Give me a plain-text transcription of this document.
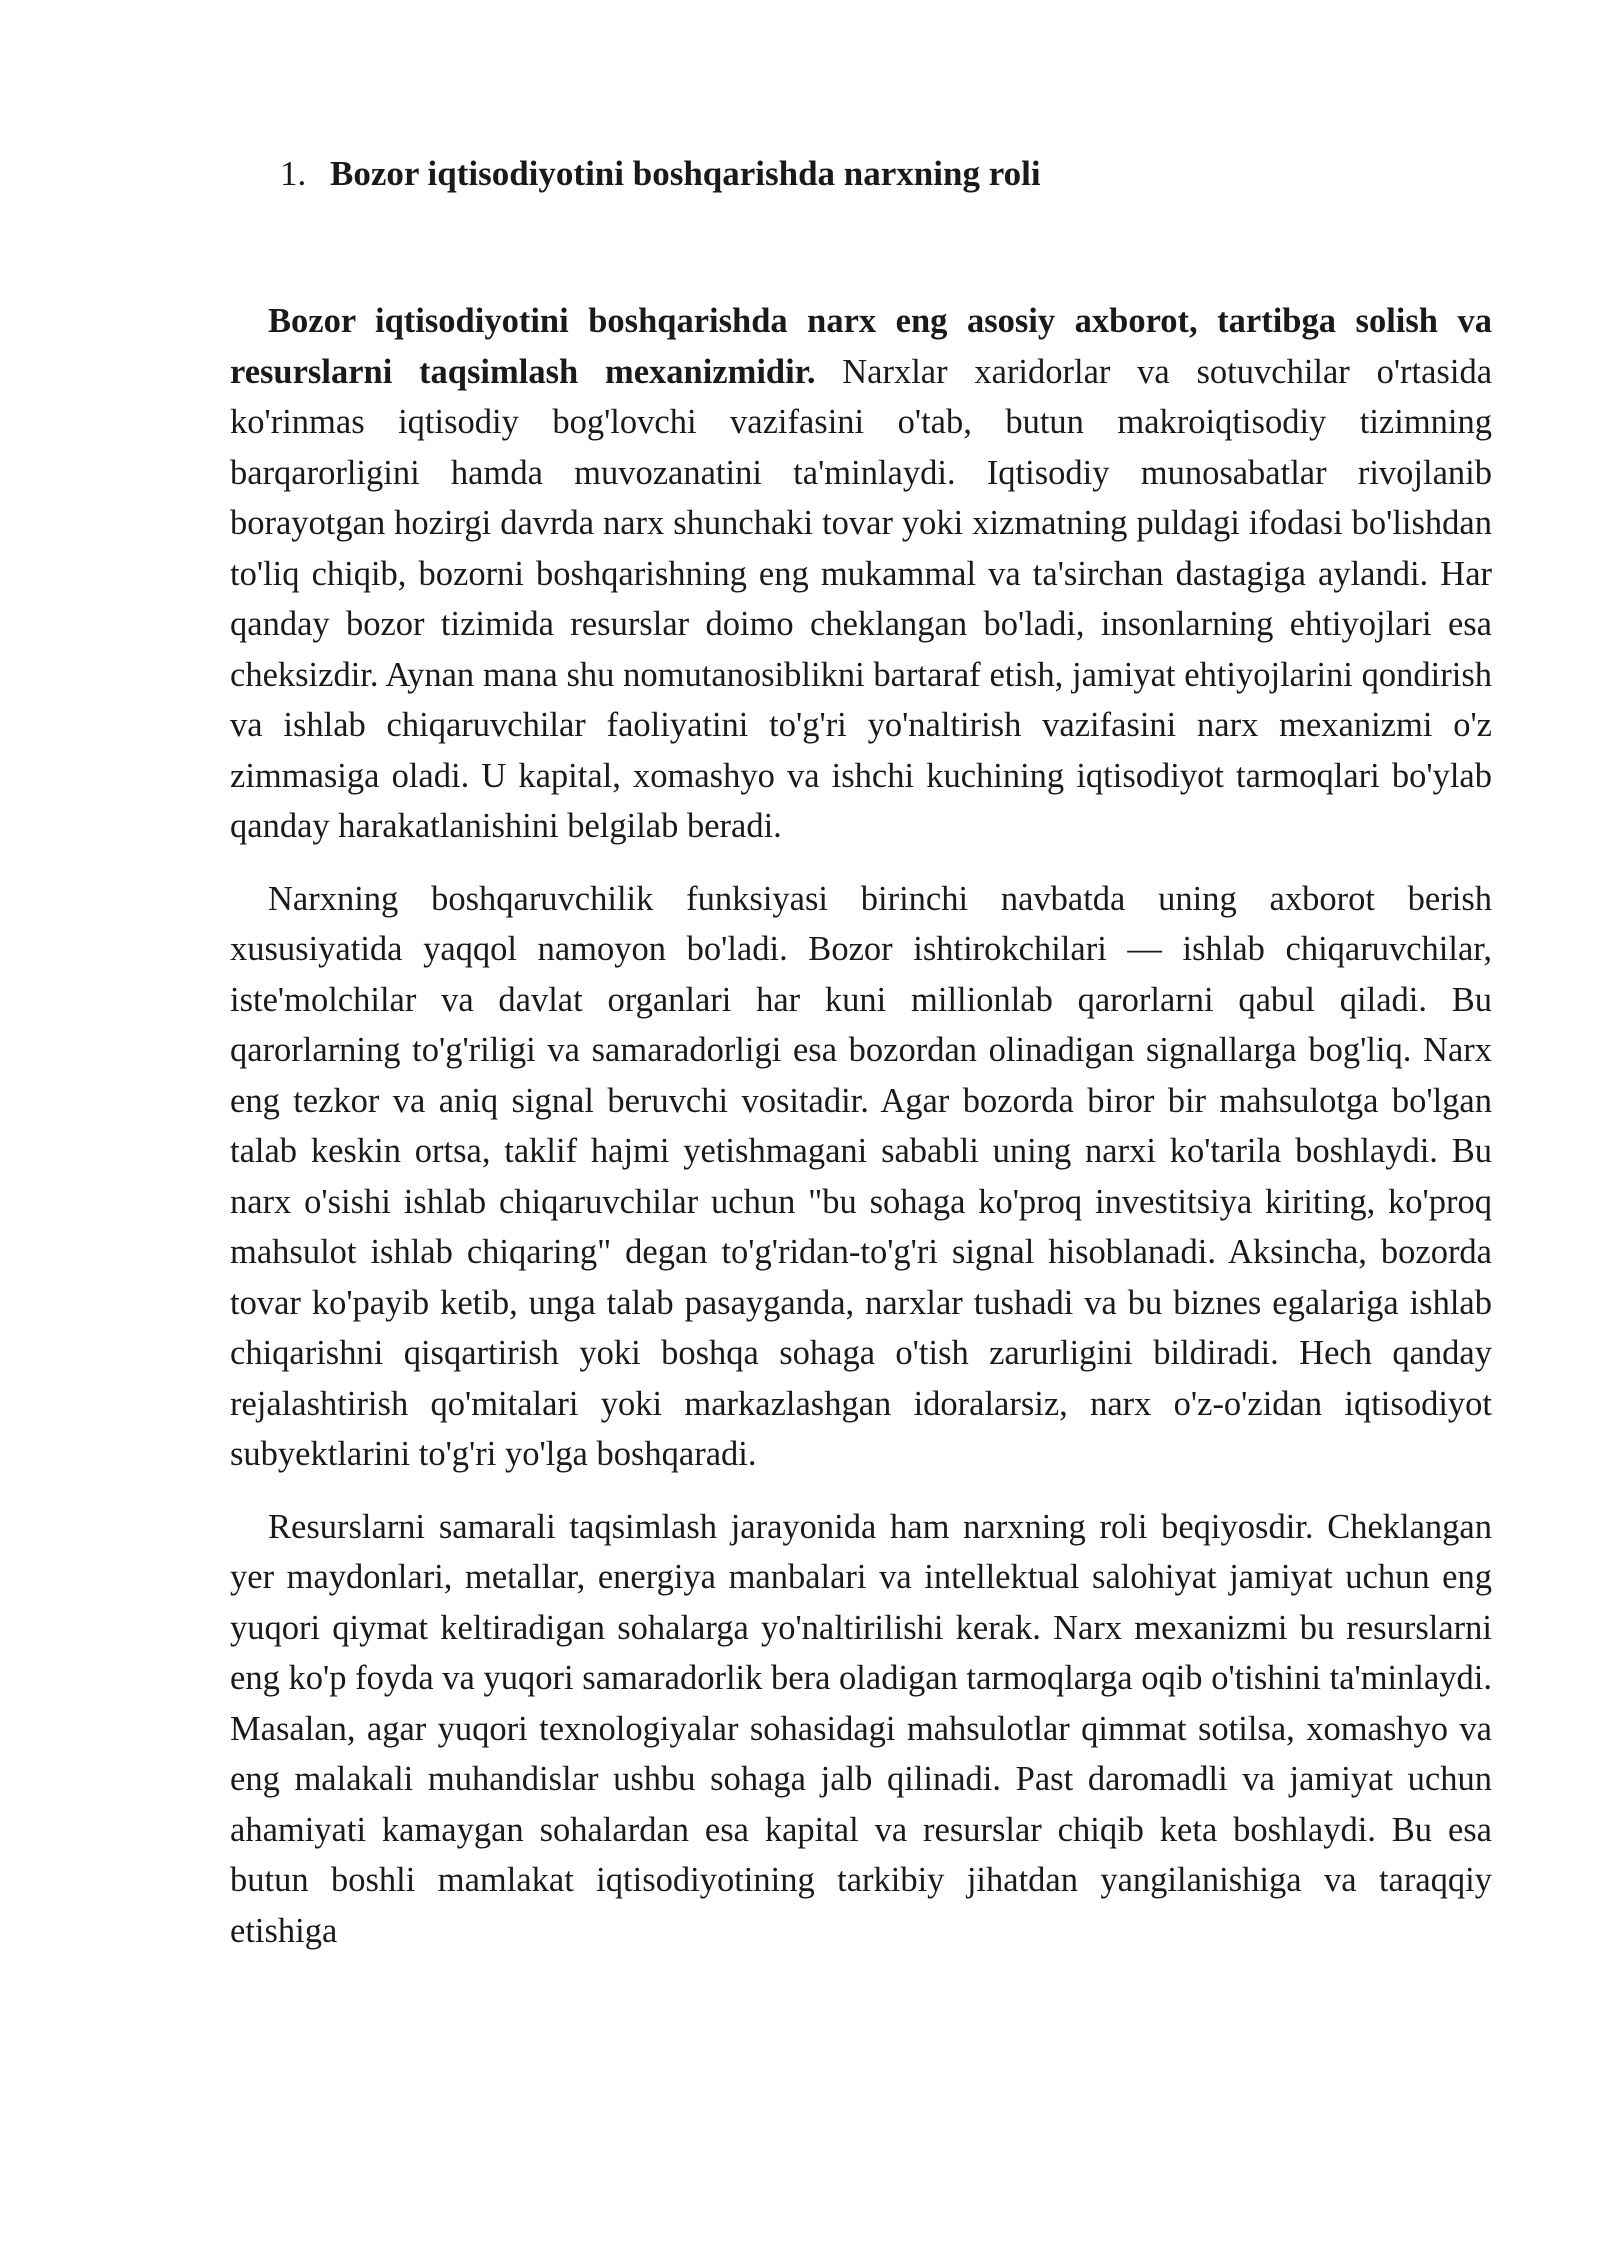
1. Bozor iqtisodiyotini boshqarishda narxning roli

Bozor iqtisodiyotini boshqarishda narx eng asosiy axborot, tartibga solish va resurslarni taqsimlash mexanizmidir. Narxlar xaridorlar va sotuvchilar o'rtasida ko'rinmas iqtisodiy bog'lovchi vazifasini o'tab, butun makroiqtisodiy tizimning barqarorligini hamda muvozanatini ta'minlaydi. Iqtisodiy munosabatlar rivojlanib borayotgan hozirgi davrda narx shunchaki tovar yoki xizmatning puldagi ifodasi bo'lishdan to'liq chiqib, bozorni boshqarishning eng mukammal va ta'sirchan dastagiga aylandi. Har qanday bozor tizimida resurslar doimo cheklangan bo'ladi, insonlarning ehtiyojlari esa cheksizdir. Aynan mana shu nomutanosiblikni bartaraf etish, jamiyat ehtiyojlarini qondirish va ishlab chiqaruvchilar faoliyatini to'g'ri yo'naltirish vazifasini narx mexanizmi o'z zimmasiga oladi. U kapital, xomashyo va ishchi kuchining iqtisodiyot tarmoqlari bo'ylab qanday harakatlanishini belgilab beradi.

Narxning boshqaruvchilik funksiyasi birinchi navbatda uning axborot berish xususiyatida yaqqol namoyon bo'ladi. Bozor ishtirokchilari — ishlab chiqaruvchilar, iste'molchilar va davlat organlari har kuni millionlab qarorlarni qabul qiladi. Bu qarorlarning to'g'riligi va samaradorligi esa bozordan olinadigan signallarga bog'liq. Narx eng tezkor va aniq signal beruvchi vositadir. Agar bozorda biror bir mahsulotga bo'lgan talab keskin ortsa, taklif hajmi yetishmagani sababli uning narxi ko'tarila boshlaydi. Bu narx o'sishi ishlab chiqaruvchilar uchun "bu sohaga ko'proq investitsiya kiriting, ko'proq mahsulot ishlab chiqaring" degan to'g'ridan-to'g'ri signal hisoblanadi. Aksincha, bozorda tovar ko'payib ketib, unga talab pasayganda, narxlar tushadi va bu biznes egalariga ishlab chiqarishni qisqartirish yoki boshqa sohaga o'tish zarurligini bildiradi. Hech qanday rejalashtirish qo'mitalari yoki markazlashgan idoralarsiz, narx o'z-o'zidan iqtisodiyot subyektlarini to'g'ri yo'lga boshqaradi.

Resurslarni samarali taqsimlash jarayonida ham narxning roli beqiyosdir. Cheklangan yer maydonlari, metallar, energiya manbalari va intellektual salohiyat jamiyat uchun eng yuqori qiymat keltiradigan sohalarga yo'naltirilishi kerak. Narx mexanizmi bu resurslarni eng ko'p foyda va yuqori samaradorlik bera oladigan tarmoqlarga oqib o'tishini ta'minlaydi. Masalan, agar yuqori texnologiyalar sohasidagi mahsulotlar qimmat sotilsa, xomashyo va eng malakali muhandislar ushbu sohaga jalb qilinadi. Past daromadli va jamiyat uchun ahamiyati kamaygan sohalardan esa kapital va resurslar chiqib keta boshlaydi. Bu esa butun boshli mamlakat iqtisodiyotining tarkibiy jihatdan yangilanishiga va taraqqiy etishiga
